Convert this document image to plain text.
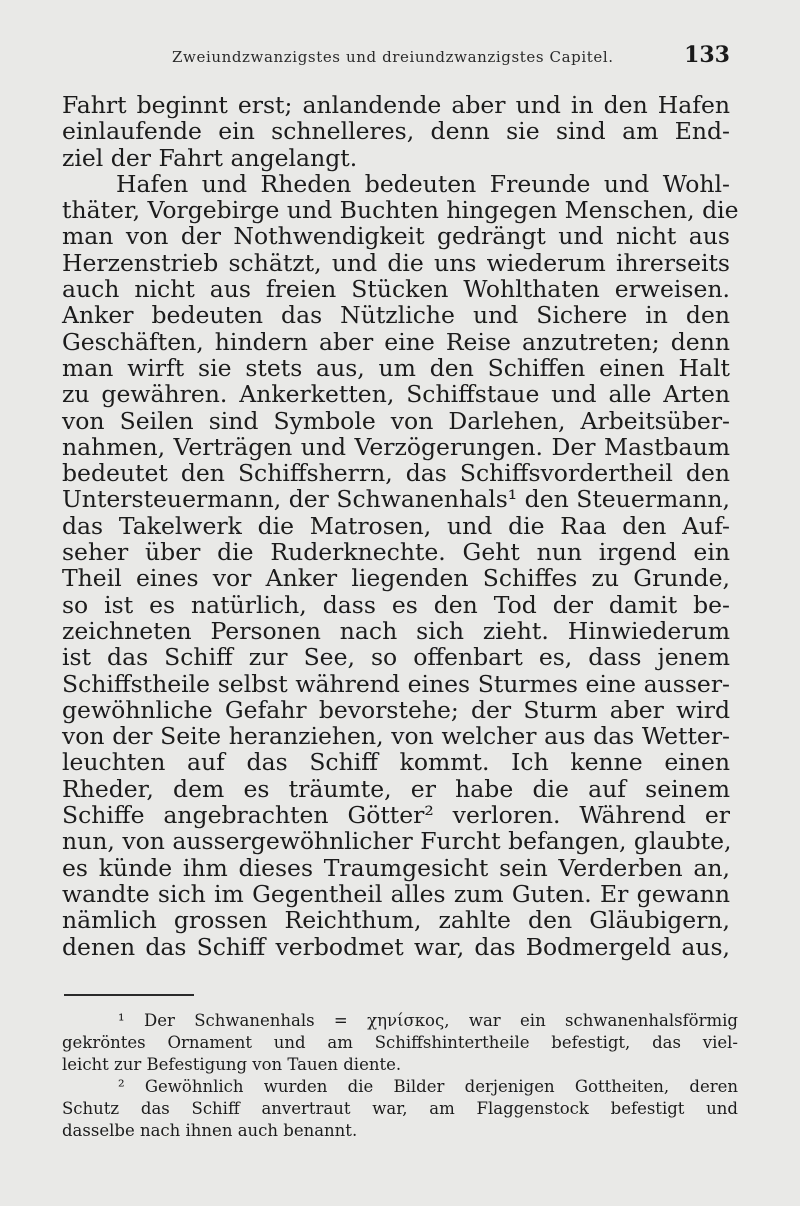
Zweiundzwanzigstes und dreiundzwanzigstes Capitel.	133
Fahrt beginnt erst; anlandende aber und in den Hafen
einlaufende ein schnelleres, denn sie sind am End-
ziel der Fahrt angelangt.
Hafen und Rheden bedeuten Freunde und Wohl-
thäter, Vorgebirge und Buchten hingegen Menschen, die
man von der Nothwendigkeit gedrängt und nicht aus
Herzenstrieb schätzt, und die uns wiederum ihrerseits
auch nicht aus freien Stücken Wohlthaten erweisen.
Anker bedeuten das Nützliche und Sichere in den
Geschäften, hindern aber eine Reise anzutreten; denn
man wirft sie stets aus, um den Schiffen einen Halt
zu gewähren. Ankerketten, Schiffstaue und alle Arten
von Seilen sind Symbole von Darlehen, Arbeitsüber-
nahmen, Verträgen und Verzögerungen. Der Mastbaum
bedeutet den Schiffsherrn, das Schiffsvordertheil den
Untersteuermann, der Schwanenhals¹ den Steuermann,
das Takelwerk die Matrosen, und die Raa den Auf-
seher über die Ruderknechte. Geht nun irgend ein
Theil eines vor Anker liegenden Schiffes zu Grunde,
so ist es natürlich, dass es den Tod der damit be-
zeichneten Personen nach sich zieht. Hinwiederum
ist das Schiff zur See, so offenbart es, dass jenem
Schiffstheile selbst während eines Sturmes eine ausser-
gewöhnliche Gefahr bevorstehe; der Sturm aber wird
von der Seite heranziehen, von welcher aus das Wetter-
leuchten auf das Schiff kommt. Ich kenne einen
Rheder, dem es träumte, er habe die auf seinem
Schiffe angebrachten Götter² verloren. Während er
nun, von aussergewöhnlicher Furcht befangen, glaubte,
es künde ihm dieses Traumgesicht sein Verderben an,
wandte sich im Gegentheil alles zum Guten. Er gewann
nämlich grossen Reichthum, zahlte den Gläubigern,
denen das Schiff verbodmet war, das Bodmergeld aus,
¹ Der Schwanenhals = χηνίσκος, war ein schwanenhalsförmig
gekröntes Ornament und am Schiffshintertheile befestigt, das viel-
leicht zur Befestigung von Tauen diente.
² Gewöhnlich wurden die Bilder derjenigen Gottheiten, deren
Schutz das Schiff anvertraut war, am Flaggenstock befestigt und
dasselbe nach ihnen auch benannt.
